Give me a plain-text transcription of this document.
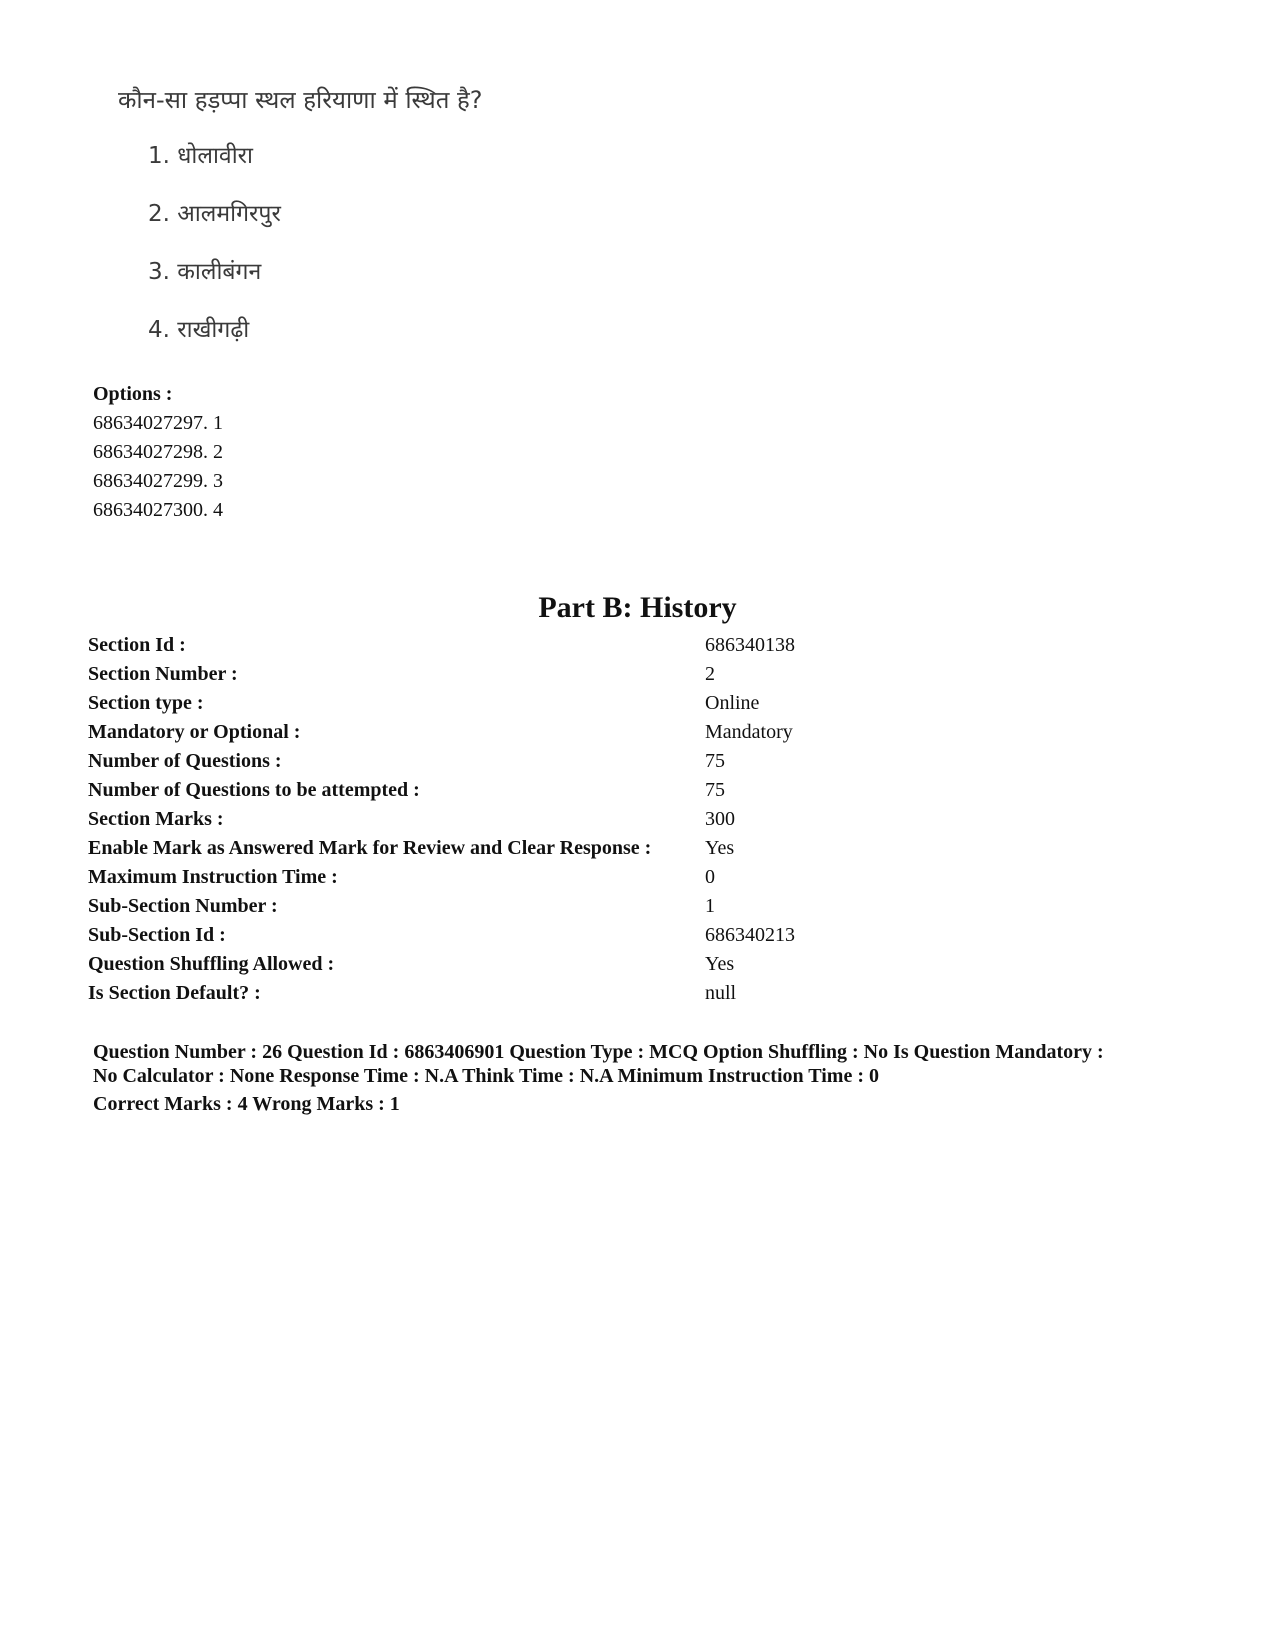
कौन-सा हड़प्पा स्थल हरियाणा में स्थित है?
1. धोलावीरा
2. आलमगिरपुर
3. कालीबंगन
4. राखीगढ़ी
Options :
68634027297. 1
68634027298. 2
68634027299. 3
68634027300. 4
Part B: History
Section Id :	686340138
Section Number :	2
Section type :	Online
Mandatory or Optional :	Mandatory
Number of Questions :	75
Number of Questions to be attempted :	75
Section Marks :	300
Enable Mark as Answered Mark for Review and Clear Response :	Yes
Maximum Instruction Time :	0
Sub-Section Number :	1
Sub-Section Id :	686340213
Question Shuffling Allowed :	Yes
Is Section Default? :	null
Question Number : 26 Question Id : 6863406901 Question Type : MCQ Option Shuffling : No Is Question Mandatory :
No Calculator : None Response Time : N.A Think Time : N.A Minimum Instruction Time : 0
Correct Marks : 4 Wrong Marks : 1
